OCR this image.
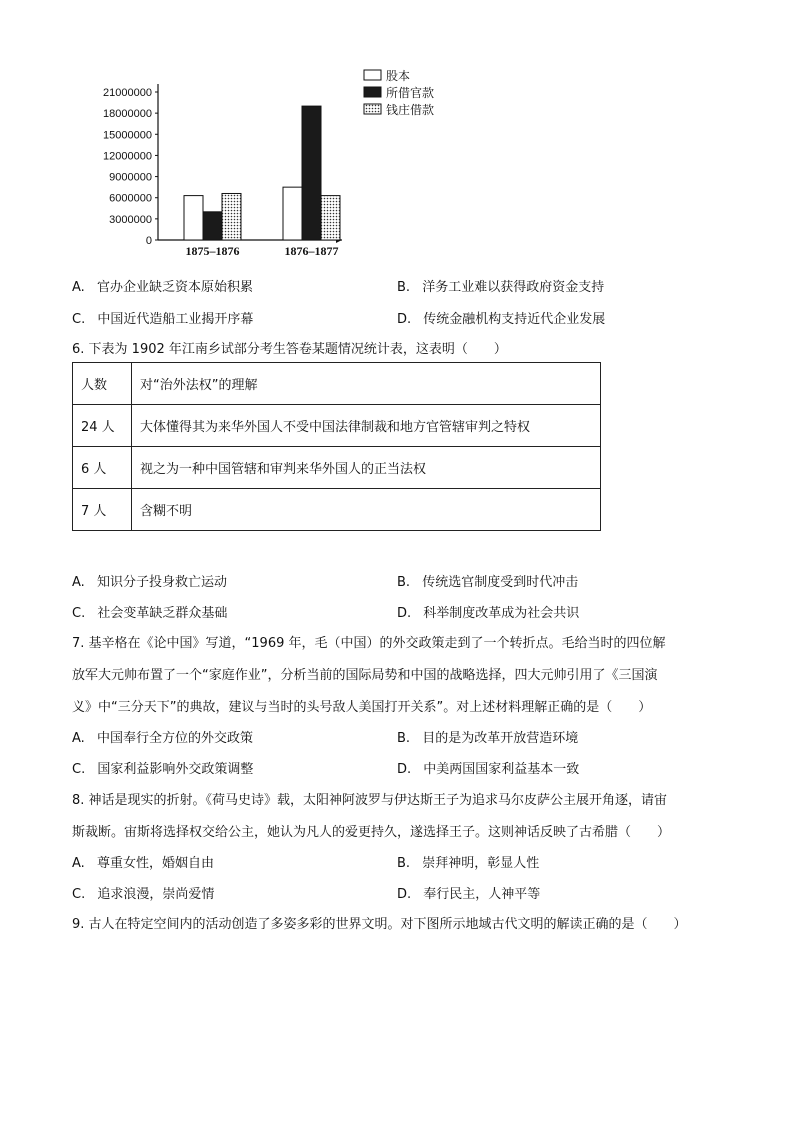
0
3000000
6000000
9000000
12000000
15000000
18000000
21000000
1875–1876	1876–1877
股本
所借官款
钱庄借款
A. 官办企业缺乏资本原始积累	B. 洋务工业难以获得政府资金支持
C. 中国近代造船工业揭开序幕	D. 传统金融机构支持近代企业发展
6. 下表为 1902 年江南乡试部分考生答卷某题情况统计表，这表明（　　）
人数	对“治外法权”的理解
24 人	大体懂得其为来华外国人不受中国法律制裁和地方官管辖审判之特权
6 人	视之为一种中国管辖和审判来华外国人的正当法权
7 人	含糊不明
A. 知识分子投身救亡运动	B. 传统选官制度受到时代冲击
C. 社会变革缺乏群众基础	D. 科举制度改革成为社会共识
7. 基辛格在《论中国》写道，“1969 年，毛（中国）的外交政策走到了一个转折点。毛给当时的四位解
放军大元帅布置了一个“家庭作业”，分析当前的国际局势和中国的战略选择，四大元帅引用了《三国演
义》中“三分天下”的典故，建议与当时的头号敌人美国打开关系”。对上述材料理解正确的是（　　）
A. 中国奉行全方位的外交政策	B. 目的是为改革开放营造环境
C. 国家利益影响外交政策调整	D. 中美两国国家利益基本一致
8. 神话是现实的折射。《荷马史诗》载，太阳神阿波罗与伊达斯王子为追求马尔皮萨公主展开角逐，请宙
斯裁断。宙斯将选择权交给公主，她认为凡人的爱更持久，遂选择王子。这则神话反映了古希腊（　　）
A. 尊重女性，婚姻自由	B. 崇拜神明，彰显人性
C. 追求浪漫，崇尚爱情	D. 奉行民主，人神平等
9. 古人在特定空间内的活动创造了多姿多彩的世界文明。对下图所示地域古代文明的解读正确的是（　　）
